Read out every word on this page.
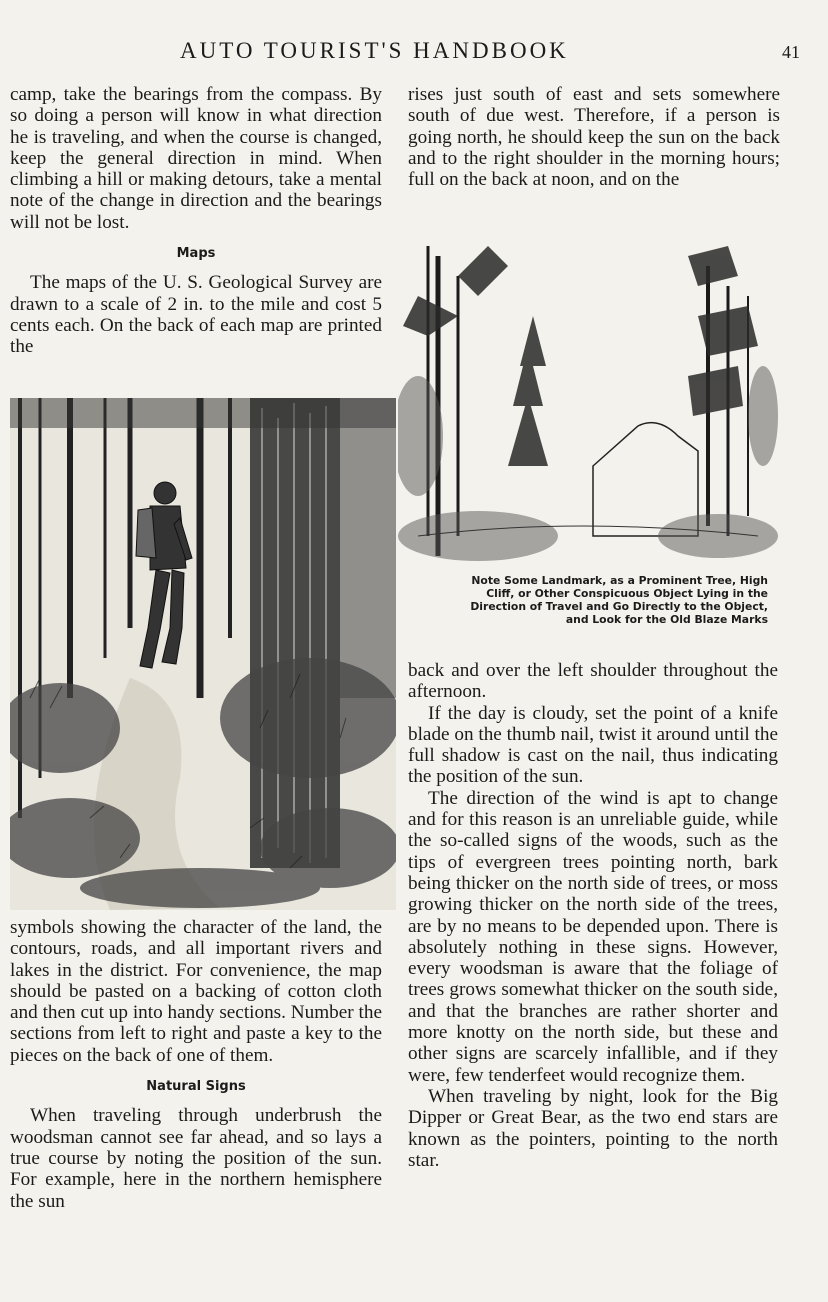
AUTO TOURIST'S HANDBOOK	41

camp, take the bearings from the compass. By so doing a person will know in what direction he is traveling, and when the course is changed, keep the general direction in mind. When climbing a hill or making detours, take a mental note of the change in direction and the bearings will not be lost.

Maps

The maps of the U. S. Geological Survey are drawn to a scale of 2 in. to the mile and cost 5 cents each. On the back of each map are printed the

symbols showing the character of the land, the contours, roads, and all important rivers and lakes in the district. For convenience, the map should be pasted on a backing of cotton cloth and then cut up into handy sections. Number the sections from left to right and paste a key to the pieces on the back of one of them.

Natural Signs

When traveling through underbrush the woodsman cannot see far ahead, and so lays a true course by noting the position of the sun. For example, here in the northern hemisphere the sun

rises just south of east and sets somewhere south of due west. Therefore, if a person is going north, he should keep the sun on the back and to the right shoulder in the morning hours; full on the back at noon, and on the

Note Some Landmark, as a Prominent Tree, High Cliff, or Other Conspicuous Object Lying in the Direction of Travel and Go Directly to the Object, and Look for the Old Blaze Marks

back and over the left shoulder throughout the afternoon.

If the day is cloudy, set the point of a knife blade on the thumb nail, twist it around until the full shadow is cast on the nail, thus indicating the position of the sun.

The direction of the wind is apt to change and for this reason is an unreliable guide, while the so-called signs of the woods, such as the tips of evergreen trees pointing north, bark being thicker on the north side of trees, or moss growing thicker on the north side of the trees, are by no means to be depended upon. There is absolutely nothing in these signs. However, every woodsman is aware that the foliage of trees grows somewhat thicker on the south side, and that the branches are rather shorter and more knotty on the north side, but these and other signs are scarcely infallible, and if they were, few tenderfeet would recognize them.

When traveling by night, look for the Big Dipper or Great Bear, as the two end stars are known as the pointers, pointing to the north star.
